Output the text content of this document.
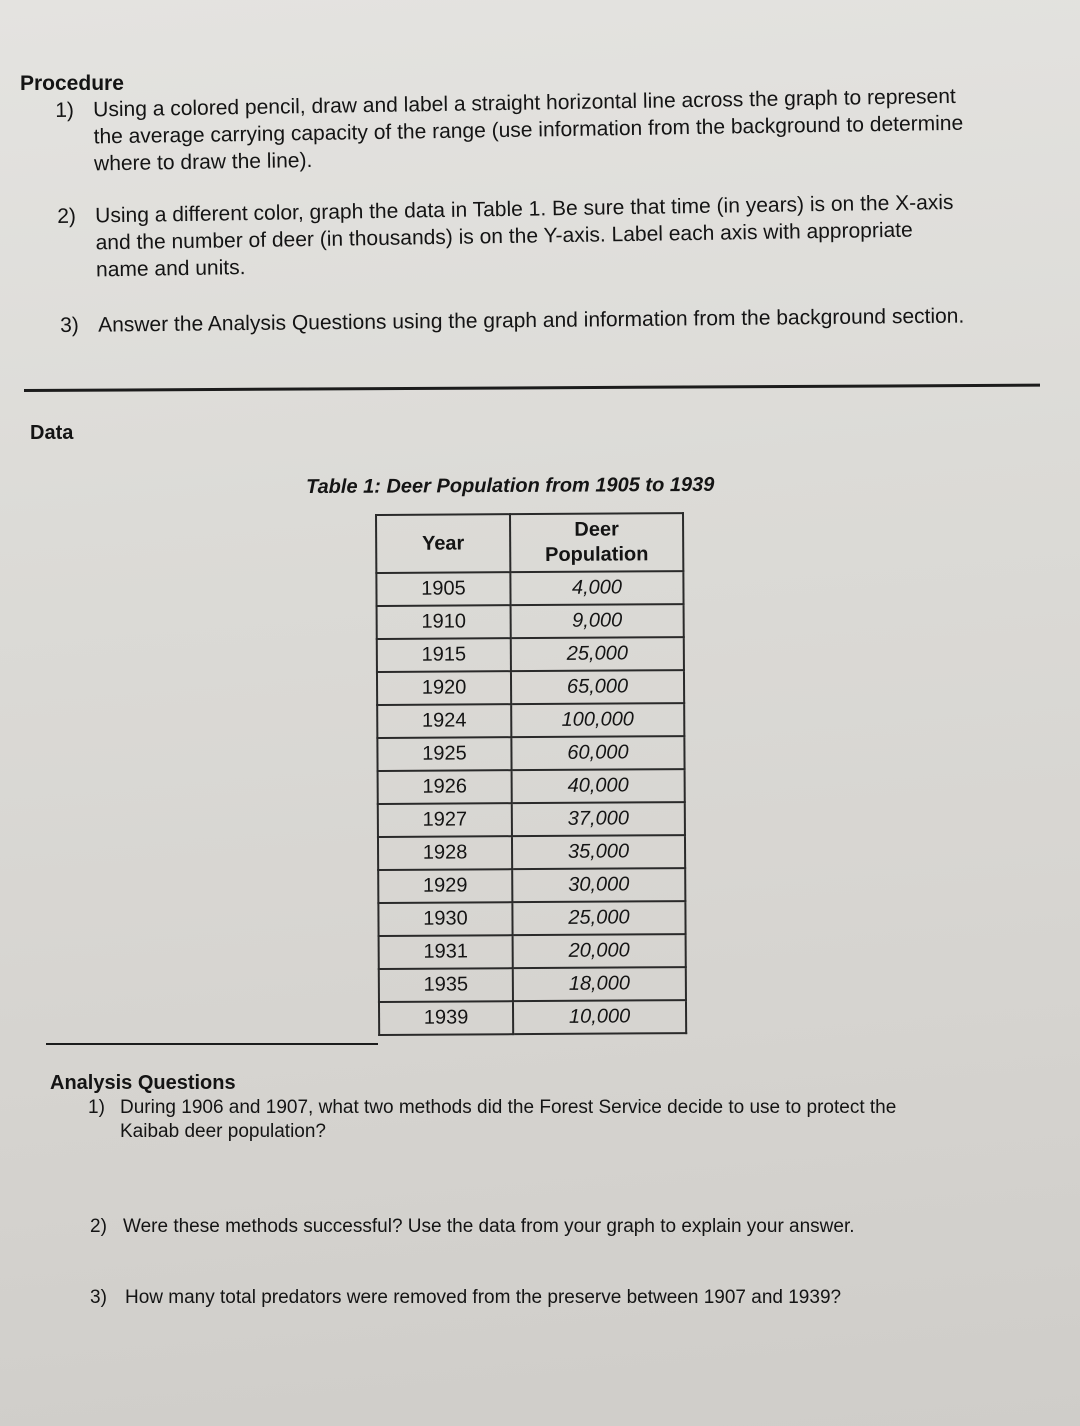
Procedure
1) Using a colored pencil, draw and label a straight horizontal line across the graph to represent
the average carrying capacity of the range (use information from the background to determine
where to draw the line).
2) Using a different color, graph the data in Table 1. Be sure that time (in years) is on the X-axis
and the number of deer (in thousands) is on the Y-axis. Label each axis with appropriate
name and units.
3) Answer the Analysis Questions using the graph and information from the background section.
Data
Table 1: Deer Population from 1905 to 1939
Year	Deer
Population

1905	4,000
1910	9,000
1915	25,000
1920	65,000
1924	100,000
1925	60,000
1926	40,000
1927	37,000
1928	35,000
1929	30,000
1930	25,000
1931	20,000
1935	18,000
1939	10,000
Analysis Questions
1) During 1906 and 1907, what two methods did the Forest Service decide to use to protect the
Kaibab deer population?
2) Were these methods successful? Use the data from your graph to explain your answer.
3) How many total predators were removed from the preserve between 1907 and 1939?
